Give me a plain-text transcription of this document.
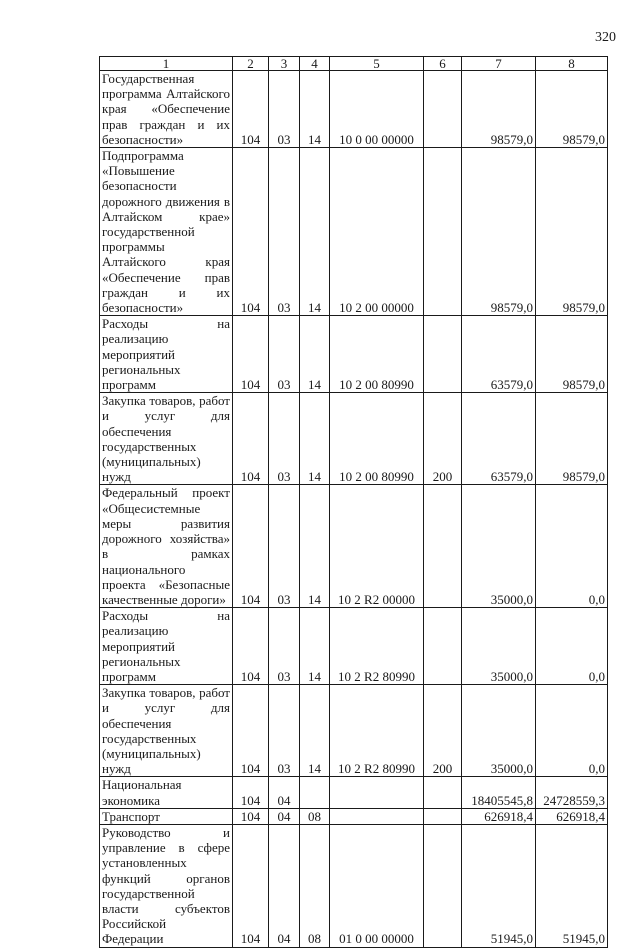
320
1	2	3	4	5	6	7	8
Государственная программа Алтайского края «Обеспечение прав граждан и их безопасности»	104	03	14	10 0 00 00000		98579,0	98579,0
Подпрограмма «Повышение безопасности дорожного движения в Алтайском крае» государственной программы Алтайского края «Обеспечение прав граждан и их безопасности»	104	03	14	10 2 00 00000		98579,0	98579,0
Расходы на реализацию мероприятий региональных программ	104	03	14	10 2 00 80990		63579,0	98579,0
Закупка товаров, работ и услуг для обеспечения государственных (муниципальных) нужд	104	03	14	10 2 00 80990	200	63579,0	98579,0
Федеральный проект «Общесистемные меры развития дорожного хозяйства» в рамках национального проекта «Безопасные качественные дороги»	104	03	14	10 2 R2 00000		35000,0	0,0
Расходы на реализацию мероприятий региональных программ	104	03	14	10 2 R2 80990		35000,0	0,0
Закупка товаров, работ и услуг для обеспечения государственных (муниципальных) нужд	104	03	14	10 2 R2 80990	200	35000,0	0,0
Национальная экономика	104	04				18405545,8	24728559,3
Транспорт	104	04	08			626918,4	626918,4
Руководство и управление в сфере установленных функций органов государственной власти субъектов Российской Федерации	104	04	08	01 0 00 00000		51945,0	51945,0
